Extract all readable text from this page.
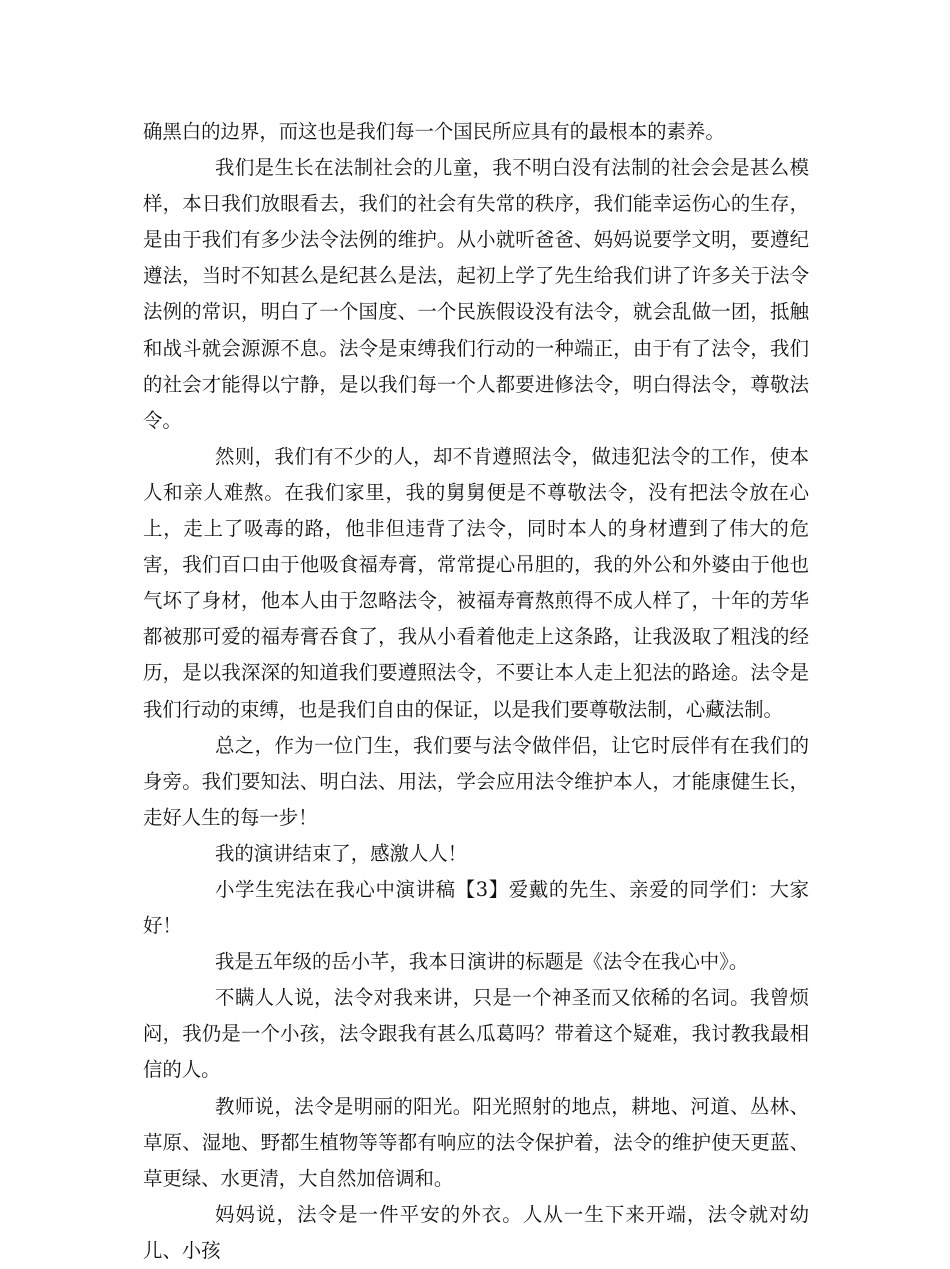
确黑白的边界，而这也是我们每一个国民所应具有的最根本的素养。

我们是生长在法制社会的儿童，我不明白没有法制的社会会是甚么模样，本日我们放眼看去，我们的社会有失常的秩序，我们能幸运伤心的生存，是由于我们有多少法令法例的维护。从小就听爸爸、妈妈说要学文明，要遵纪遵法，当时不知甚么是纪甚么是法，起初上学了先生给我们讲了许多关于法令法例的常识，明白了一个国度、一个民族假设没有法令，就会乱做一团，抵触和战斗就会源源不息。法令是束缚我们行动的一种端正，由于有了法令，我们的社会才能得以宁静，是以我们每一个人都要进修法令，明白得法令，尊敬法令。

然则，我们有不少的人，却不肯遵照法令，做违犯法令的工作，使本人和亲人难熬。在我们家里，我的舅舅便是不尊敬法令，没有把法令放在心上，走上了吸毒的路，他非但违背了法令，同时本人的身材遭到了伟大的危害，我们百口由于他吸食福寿膏，常常提心吊胆的，我的外公和外婆由于他也气坏了身材，他本人由于忽略法令，被福寿膏熬煎得不成人样了，十年的芳华都被那可爱的福寿膏吞食了，我从小看着他走上这条路，让我汲取了粗浅的经历，是以我深深的知道我们要遵照法令，不要让本人走上犯法的路途。法令是我们行动的束缚，也是我们自由的保证，以是我们要尊敬法制，心藏法制。

总之，作为一位门生，我们要与法令做伴侣，让它时辰伴有在我们的身旁。我们要知法、明白法、用法，学会应用法令维护本人，才能康健生长，走好人生的每一步！

我的演讲结束了，感激人人！

小学生宪法在我心中演讲稿【3】爱戴的先生、亲爱的同学们：大家好！

我是五年级的岳小芊，我本日演讲的标题是《法令在我心中》。

不瞒人人说，法令对我来讲，只是一个神圣而又依稀的名词。我曾烦闷，我仍是一个小孩，法令跟我有甚么瓜葛吗？带着这个疑难，我讨教我最相信的人。

教师说，法令是明丽的阳光。阳光照射的地点，耕地、河道、丛林、草原、湿地、野都生植物等等都有响应的法令保护着，法令的维护使天更蓝、草更绿、水更清，大自然加倍调和。

妈妈说，法令是一件平安的外衣。人从一生下来开端，法令就对幼儿、小孩
